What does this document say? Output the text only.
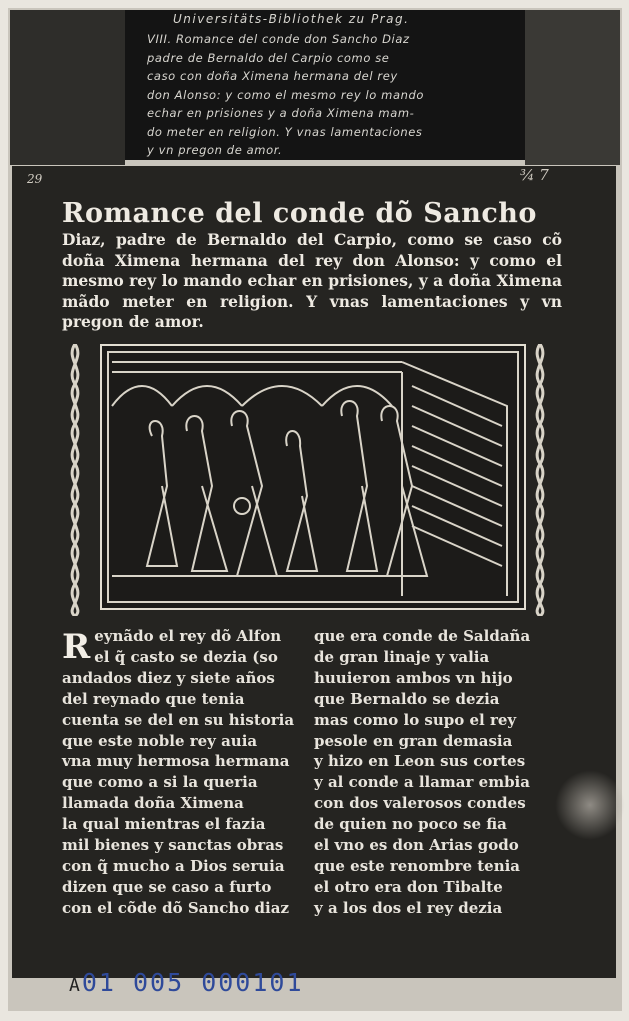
Universitäts-Bibliothek zu Prag.
VIII. Romance del conde don Sancho Diaz
padre de Bernaldo del Carpio como se
caso con doña Ximena hermana del rey
don Alonso: y como el mesmo rey lo mando
echar en prisiones y a doña Ximena mam-
do meter en religion. Y vnas lamentaciones
y vn pregon de amor.
29	¾ 7
Romance del conde dõ Sancho
Diaz, padre de Bernaldo del Carpio, como se caso cõ doña Ximena hermana del rey don Alonso: y como el mesmo rey lo mando echar en prisiones, y a doña Ximena mãdo meter en religion. Y vnas lamentaciones y vn pregon de amor.
R eynãdo el rey dõ Alfon
el q̃ casto se dezia (so
andados diez y siete años
del reynado que tenia
cuenta se del en su historia
que este noble rey auia
vna muy hermosa hermana
que como a si la queria
llamada doña Ximena
la qual mientras el fazia
mil bienes y sanctas obras
con q̃ mucho a Dios seruia
dizen que se caso a furto
con el cõde dõ Sancho diaz
que era conde de Saldaña
de gran linaje y valia
huuieron ambos vn hijo
que Bernaldo se dezia
mas como lo supo el rey
pesole en gran demasia
y hizo en Leon sus cortes
y al conde a llamar embia
con dos valerosos condes
de quien no poco se fia
el vno es don Arias godo
que este renombre tenia
el otro era don Tibalte
y a los dos el rey dezia
A01 005 000101
